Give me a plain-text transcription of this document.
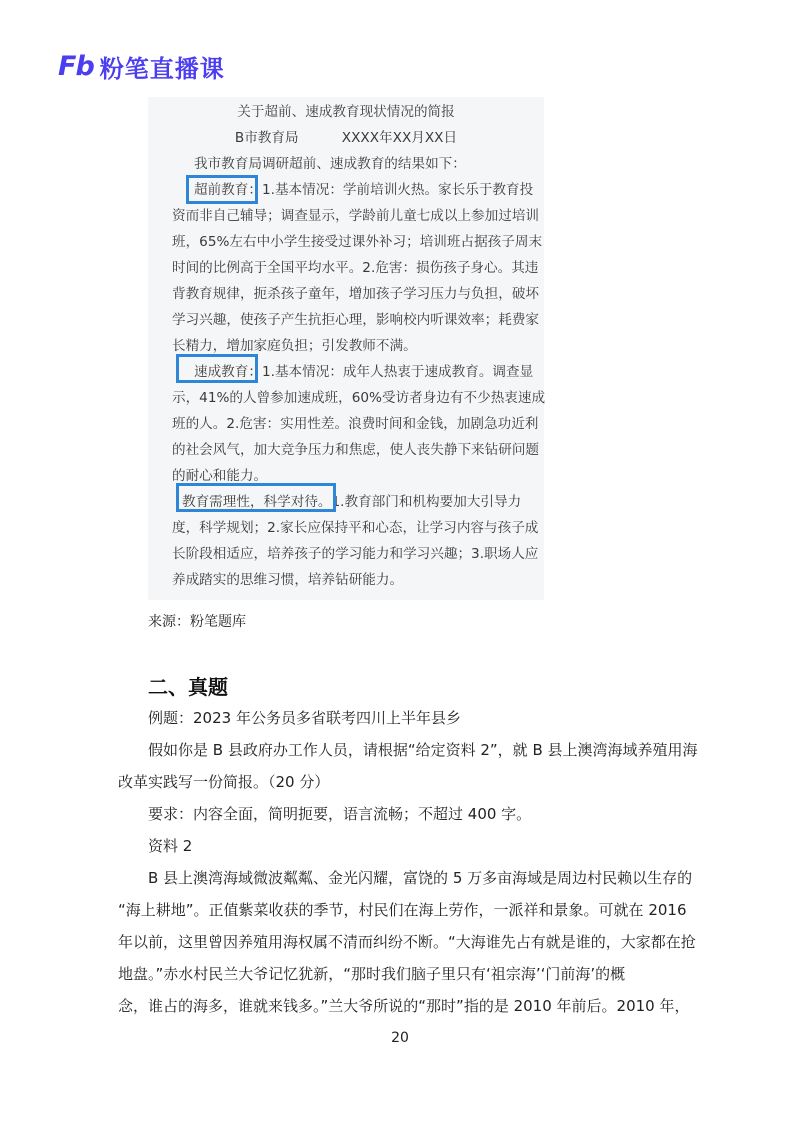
Fb 粉笔直播课

关于超前、速成教育现状情况的简报

B市教育局          XXXX年XX月XX日

我市教育局调研超前、速成教育的结果如下：

超前教育：1.基本情况：学前培训火热。家长乐于教育投

资而非自己辅导；调查显示，学龄前儿童七成以上参加过培训

班，65%左右中小学生接受过课外补习；培训班占据孩子周末

时间的比例高于全国平均水平。2.危害：损伤孩子身心。其违

背教育规律，扼杀孩子童年，增加孩子学习压力与负担，破坏

学习兴趣，使孩子产生抗拒心理，影响校内听课效率；耗费家

长精力，增加家庭负担；引发教师不满。

速成教育：1.基本情况：成年人热衷于速成教育。调查显

示，41%的人曾参加速成班，60%受访者身边有不少热衷速成

班的人。2.危害：实用性差。浪费时间和金钱，加剧急功近利

的社会风气，加大竞争压力和焦虑，使人丧失静下来钻研问题

的耐心和能力。

教育需理性，科学对待。1.教育部门和机构要加大引导力

度，科学规划；2.家长应保持平和心态，让学习内容与孩子成

长阶段相适应，培养孩子的学习能力和学习兴趣；3.职场人应

养成踏实的思维习惯，培养钻研能力。

来源：粉笔题库
二、真题

例题：2023 年公务员多省联考四川上半年县乡

假如你是 B 县政府办工作人员，请根据“给定资料 2”，就 B 县上澳湾海域养殖用海

改革实践写一份简报。（20 分）

要求：内容全面，简明扼要，语言流畅；不超过 400 字。

资料 2

B 县上澳湾海域微波粼粼、金光闪耀，富饶的 5 万多亩海域是周边村民赖以生存的

“海上耕地”。正值紫菜收获的季节，村民们在海上劳作，一派祥和景象。可就在 2016

年以前，这里曾因养殖用海权属不清而纠纷不断。“大海谁先占有就是谁的，大家都在抢

地盘。”赤水村民兰大爷记忆犹新，“那时我们脑子里只有‘祖宗海’‘门前海’的概

念，谁占的海多，谁就来钱多。”兰大爷所说的“那时”指的是 2010 年前后。2010 年，

20
